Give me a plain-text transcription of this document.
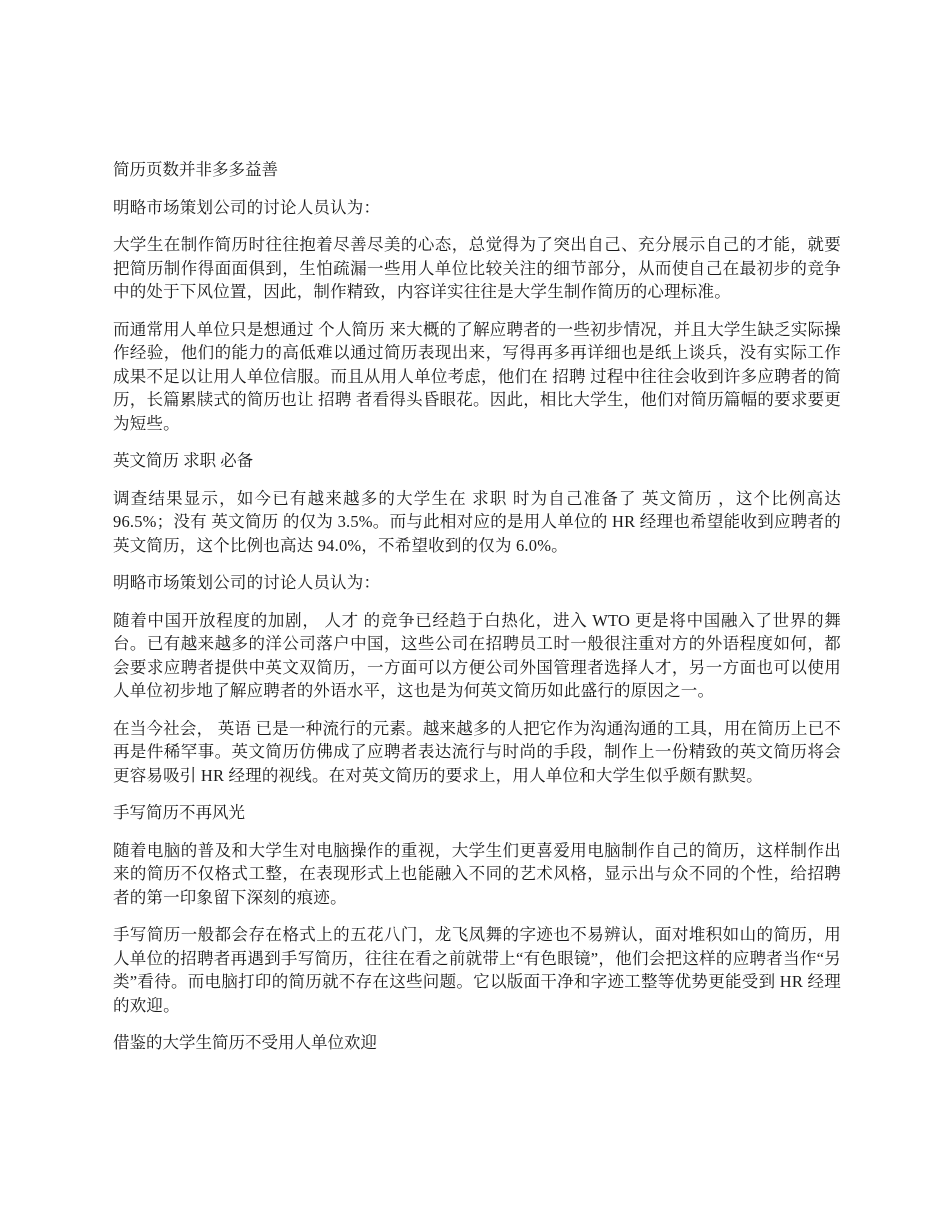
简历页数并非多多益善

明略市场策划公司的讨论人员认为：

大学生在制作简历时往往抱着尽善尽美的心态，总觉得为了突出自己、充分展示自己的才能，就要把简历制作得面面俱到，生怕疏漏一些用人单位比较关注的细节部分，从而使自己在最初步的竞争中的处于下风位置，因此，制作精致，内容详实往往是大学生制作简历的心理标准。

而通常用人单位只是想通过 个人简历 来大概的了解应聘者的一些初步情况，并且大学生缺乏实际操作经验，他们的能力的高低难以通过简历表现出来，写得再多再详细也是纸上谈兵，没有实际工作成果不足以让用人单位信服。而且从用人单位考虑，他们在 招聘 过程中往往会收到许多应聘者的简历，长篇累牍式的简历也让 招聘 者看得头昏眼花。因此，相比大学生，他们对简历篇幅的要求要更为短些。

英文简历 求职 必备

调查结果显示，如今已有越来越多的大学生在 求职 时为自己准备了 英文简历 ，这个比例高达 96.5%；没有 英文简历 的仅为 3.5%。而与此相对应的是用人单位的 HR 经理也希望能收到应聘者的英文简历，这个比例也高达 94.0%，不希望收到的仅为 6.0%。

明略市场策划公司的讨论人员认为：

随着中国开放程度的加剧， 人才 的竞争已经趋于白热化，进入 WTO 更是将中国融入了世界的舞台。已有越来越多的洋公司落户中国，这些公司在招聘员工时一般很注重对方的外语程度如何，都会要求应聘者提供中英文双简历，一方面可以方便公司外国管理者选择人才，另一方面也可以使用人单位初步地了解应聘者的外语水平，这也是为何英文简历如此盛行的原因之一。

在当今社会， 英语 已是一种流行的元素。越来越多的人把它作为沟通沟通的工具，用在简历上已不再是件稀罕事。英文简历仿佛成了应聘者表达流行与时尚的手段，制作上一份精致的英文简历将会更容易吸引 HR 经理的视线。在对英文简历的要求上，用人单位和大学生似乎颇有默契。

手写简历不再风光

随着电脑的普及和大学生对电脑操作的重视，大学生们更喜爱用电脑制作自己的简历，这样制作出来的简历不仅格式工整，在表现形式上也能融入不同的艺术风格，显示出与众不同的个性，给招聘者的第一印象留下深刻的痕迹。

手写简历一般都会存在格式上的五花八门，龙飞凤舞的字迹也不易辨认，面对堆积如山的简历，用人单位的招聘者再遇到手写简历，往往在看之前就带上“有色眼镜”，他们会把这样的应聘者当作“另类”看待。而电脑打印的简历就不存在这些问题。它以版面干净和字迹工整等优势更能受到 HR 经理的欢迎。

借鉴的大学生简历不受用人单位欢迎
